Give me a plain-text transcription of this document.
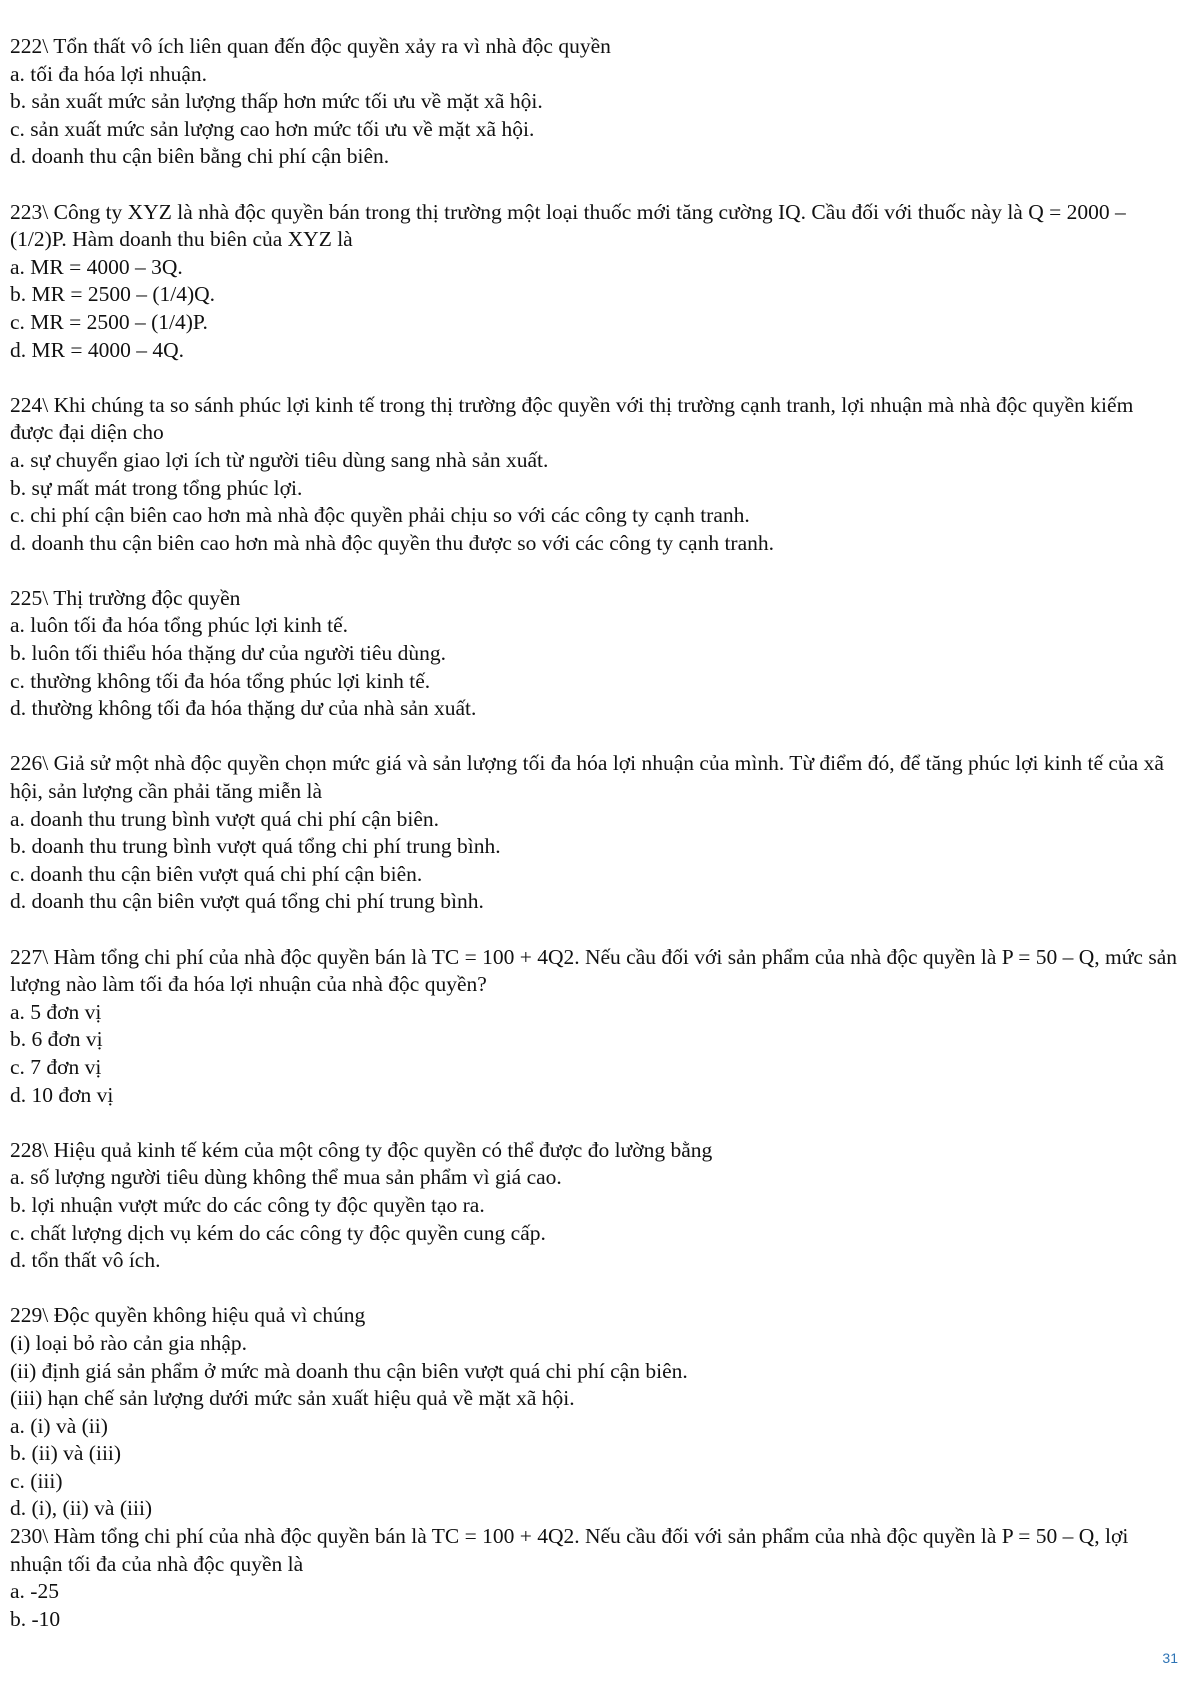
222\ Tổn thất vô ích liên quan đến độc quyền xảy ra vì nhà độc quyền

a. tối đa hóa lợi nhuận.

b. sản xuất mức sản lượng thấp hơn mức tối ưu về mặt xã hội.

c. sản xuất mức sản lượng cao hơn mức tối ưu về mặt xã hội.

d. doanh thu cận biên bằng chi phí cận biên.

223\ Công ty XYZ là nhà độc quyền bán trong thị trường một loại thuốc mới tăng cường IQ. Cầu đối với thuốc này là Q = 2000 – (1/2)P. Hàm doanh thu biên của XYZ là

a. MR = 4000 – 3Q.

b. MR = 2500 – (1/4)Q.

c. MR = 2500 – (1/4)P.

d. MR = 4000 – 4Q.

224\ Khi chúng ta so sánh phúc lợi kinh tế trong thị trường độc quyền với thị trường cạnh tranh, lợi nhuận mà nhà độc quyền kiếm được đại diện cho

a. sự chuyển giao lợi ích từ người tiêu dùng sang nhà sản xuất.

b. sự mất mát trong tổng phúc lợi.

c. chi phí cận biên cao hơn mà nhà độc quyền phải chịu so với các công ty cạnh tranh.

d. doanh thu cận biên cao hơn mà nhà độc quyền thu được so với các công ty cạnh tranh.

225\ Thị trường độc quyền

a. luôn tối đa hóa tổng phúc lợi kinh tế.

b. luôn tối thiểu hóa thặng dư của người tiêu dùng.

c. thường không tối đa hóa tổng phúc lợi kinh tế.

d. thường không tối đa hóa thặng dư của nhà sản xuất.

226\ Giả sử một nhà độc quyền chọn mức giá và sản lượng tối đa hóa lợi nhuận của mình. Từ điểm đó, để tăng phúc lợi kinh tế của xã hội, sản lượng cần phải tăng miễn là

a. doanh thu trung bình vượt quá chi phí cận biên.

b. doanh thu trung bình vượt quá tổng chi phí trung bình.

c. doanh thu cận biên vượt quá chi phí cận biên.

d. doanh thu cận biên vượt quá tổng chi phí trung bình.

227\ Hàm tổng chi phí của nhà độc quyền bán là TC = 100 + 4Q2. Nếu cầu đối với sản phẩm của nhà độc quyền là P = 50 – Q, mức sản lượng nào làm tối đa hóa lợi nhuận của nhà độc quyền?

a. 5 đơn vị

b. 6 đơn vị

c. 7 đơn vị

d. 10 đơn vị

228\ Hiệu quả kinh tế kém của một công ty độc quyền có thể được đo lường bằng

a. số lượng người tiêu dùng không thể mua sản phẩm vì giá cao.

b. lợi nhuận vượt mức do các công ty độc quyền tạo ra.

c. chất lượng dịch vụ kém do các công ty độc quyền cung cấp.

d. tổn thất vô ích.

229\ Độc quyền không hiệu quả vì chúng

(i) loại bỏ rào cản gia nhập.

(ii) định giá sản phẩm ở mức mà doanh thu cận biên vượt quá chi phí cận biên.

(iii) hạn chế sản lượng dưới mức sản xuất hiệu quả về mặt xã hội.

a. (i) và (ii)

b. (ii) và (iii)

c. (iii)

d. (i), (ii) và (iii)

230\ Hàm tổng chi phí của nhà độc quyền bán là TC = 100 + 4Q2. Nếu cầu đối với sản phẩm của nhà độc quyền là P = 50 – Q, lợi nhuận tối đa của nhà độc quyền là

a. -25

b. -10

31
